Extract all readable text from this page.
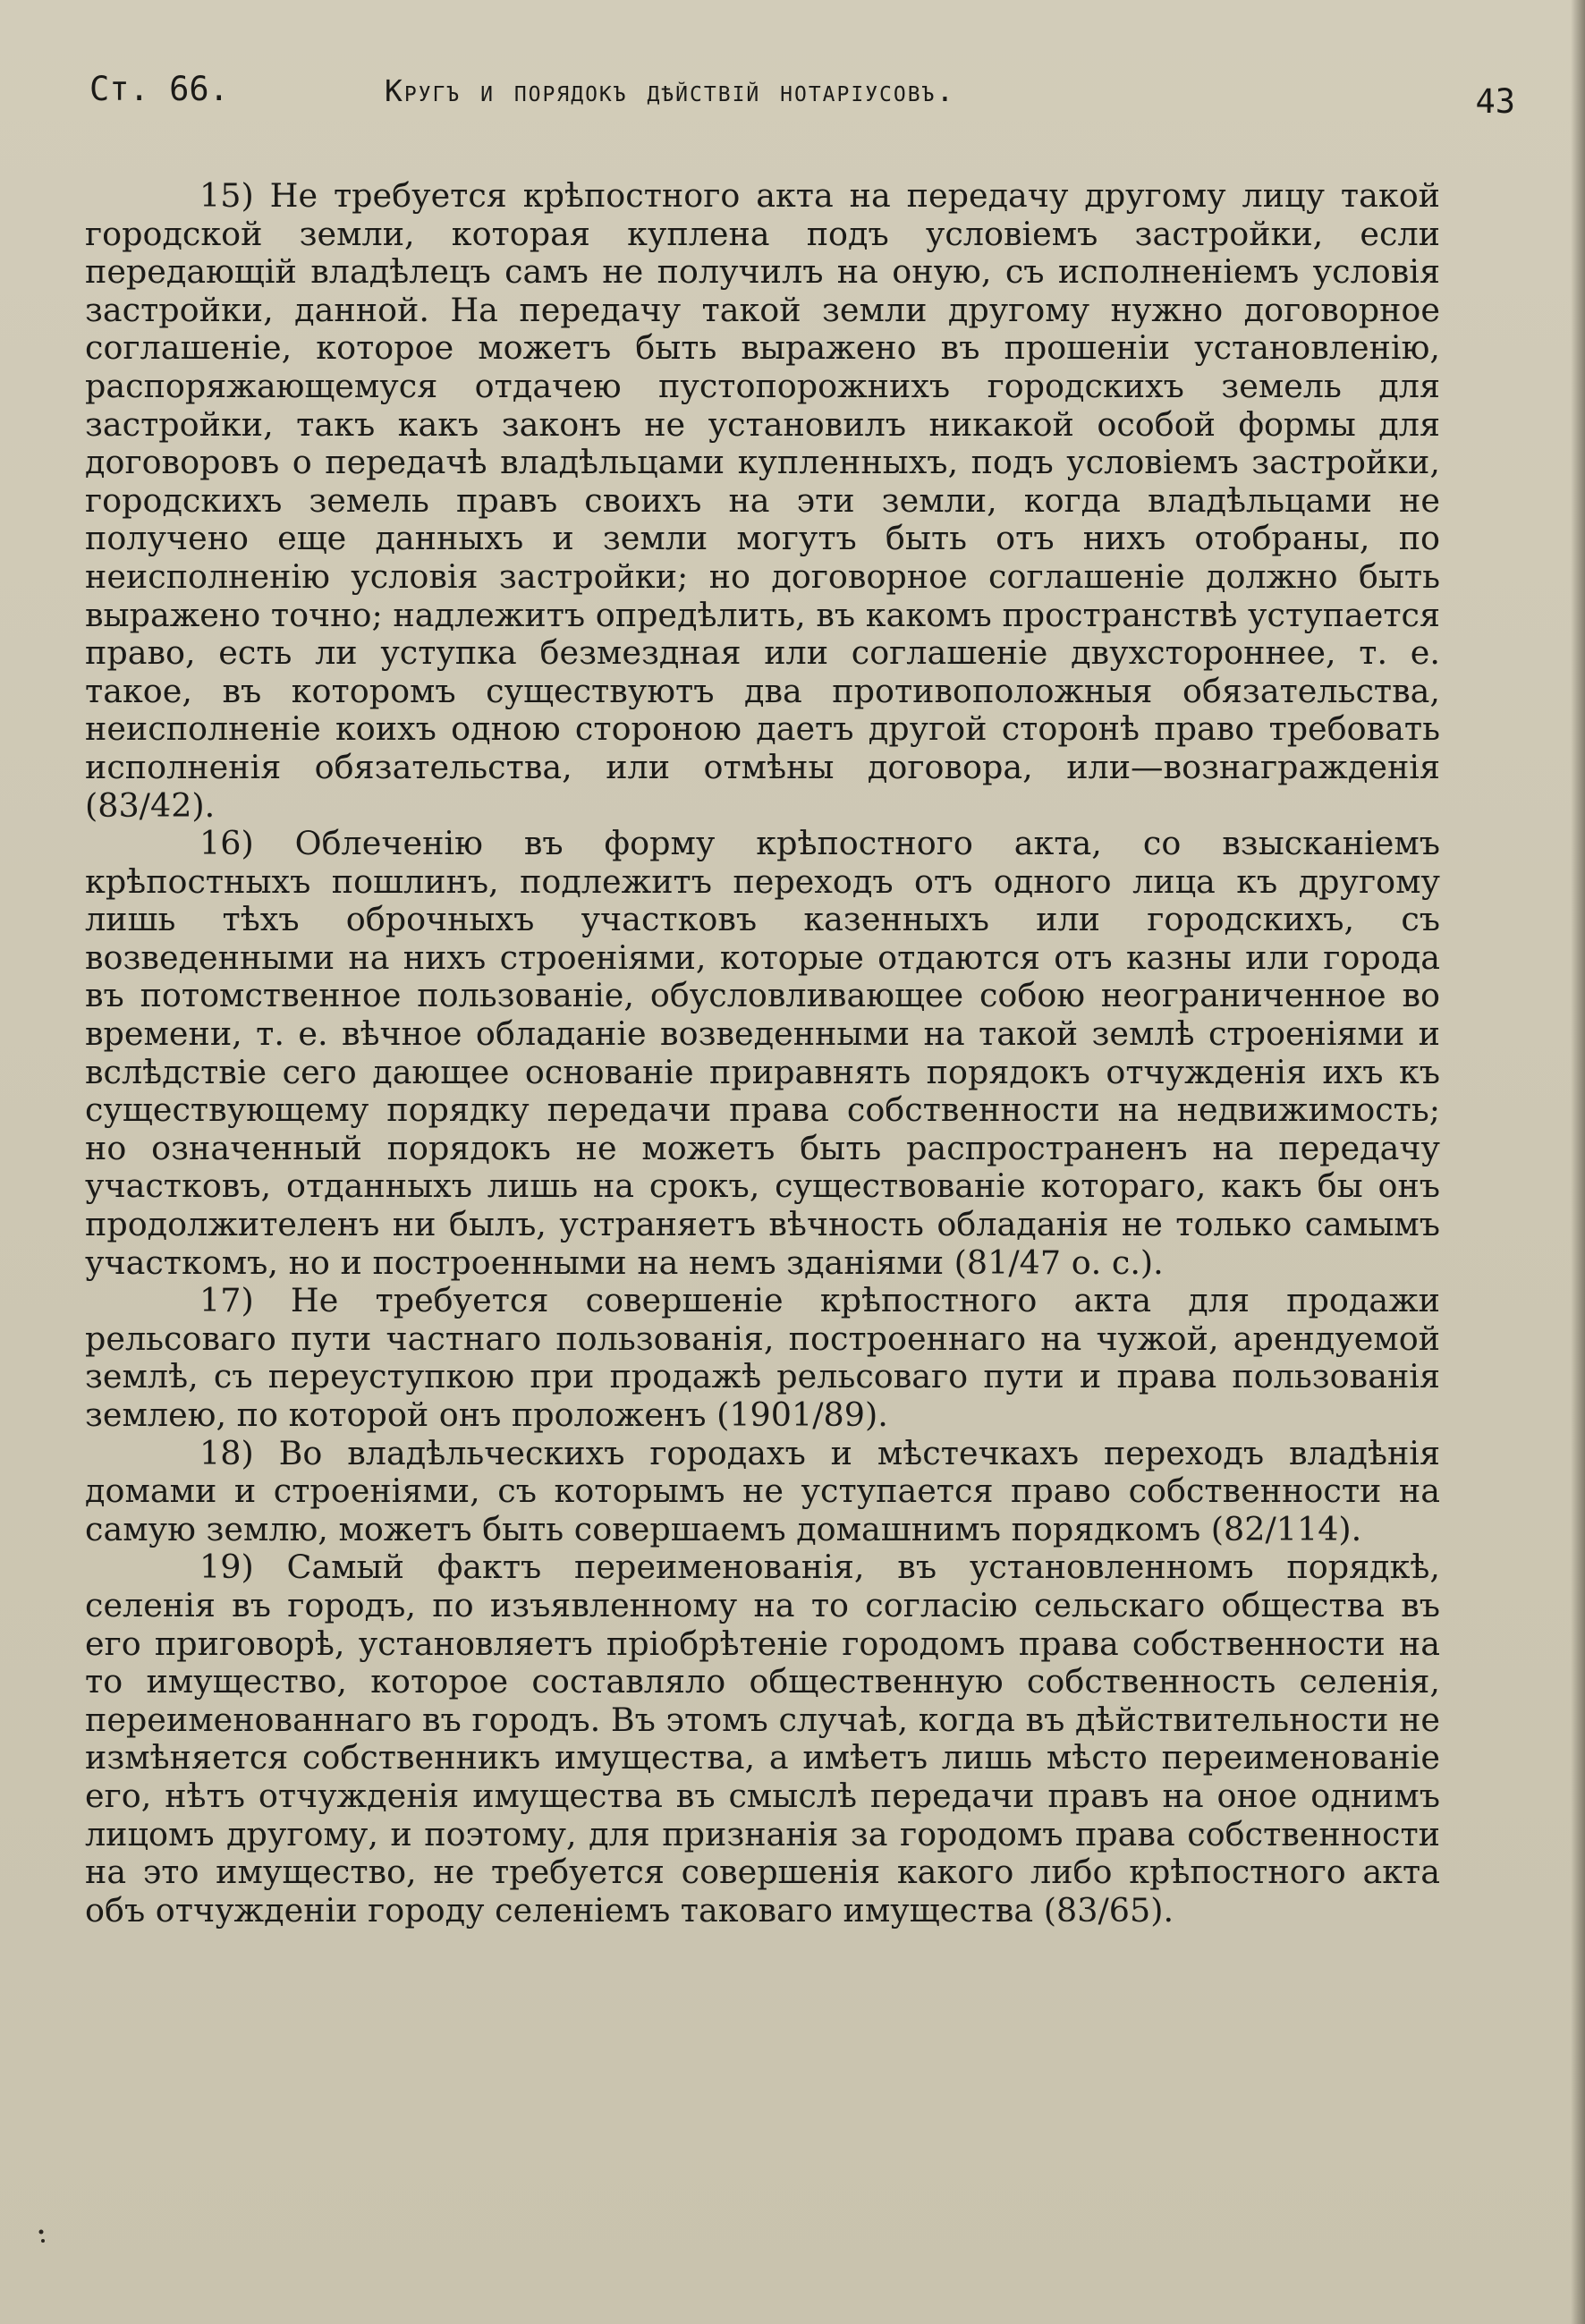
Ст. 66.	Кругъ и порядокъ дѣйствій нотаріусовъ.	43

15) Не требуется крѣпостного акта на передачу другому лицу такой городской земли, которая куплена подъ условіемъ застройки, если передающій владѣлецъ самъ не получилъ на оную, съ исполненіемъ условія застройки, данной. На передачу такой земли другому нужно договорное соглашеніе, которое можетъ быть выражено въ прошеніи установленію, распоряжающемуся отдачею пустопорожнихъ городскихъ земель для застройки, такъ какъ законъ не установилъ никакой особой формы для договоровъ о передачѣ владѣльцами купленныхъ, подъ условіемъ застройки, городскихъ земель правъ своихъ на эти земли, когда владѣльцами не получено еще данныхъ и земли могутъ быть отъ нихъ отобраны, по неисполненію условія застройки; но договорное соглашеніе должно быть выражено точно; надлежитъ опредѣлить, въ какомъ пространствѣ уступается право, есть ли уступка безмездная или соглашеніе двухстороннее, т. е. такое, въ которомъ существуютъ два противоположныя обязательства, неисполненіе коихъ одною стороною даетъ другой сторонѣ право требовать исполненія обязательства, или отмѣны договора, или—вознагражденія (83/42).

16) Облеченію въ форму крѣпостного акта, со взысканіемъ крѣпостныхъ пошлинъ, подлежитъ переходъ отъ одного лица къ другому лишь тѣхъ оброчныхъ участковъ казенныхъ или городскихъ, съ возведенными на нихъ строеніями, которые отдаются отъ казны или города въ потомственное пользованіе, обусловливающее собою неограниченное во времени, т. е. вѣчное обладаніе возведенными на такой землѣ строеніями и вслѣдствіе сего дающее основаніе приравнять порядокъ отчужденія ихъ къ существующему порядку передачи права собственности на недвижимость; но означенный порядокъ не можетъ быть распространенъ на передачу участковъ, отданныхъ лишь на срокъ, существованіе котораго, какъ бы онъ продолжителенъ ни былъ, устраняетъ вѣчность обладанія не только самымъ участкомъ, но и построенными на немъ зданіями (81/47 о. с.).

17) Не требуется совершеніе крѣпостного акта для продажи рельсоваго пути частнаго пользованія, построеннаго на чужой, арендуемой землѣ, съ переуступкою при продажѣ рельсоваго пути и права пользованія землею, по которой онъ проложенъ (1901/89).

18) Во владѣльческихъ городахъ и мѣстечкахъ переходъ владѣнія домами и строеніями, съ которымъ не уступается право собственности на самую землю, можетъ быть совершаемъ домашнимъ порядкомъ (82/114).

19) Самый фактъ переименованія, въ установленномъ порядкѣ, селенія въ городъ, по изъявленному на то согласію сельскаго общества въ его приговорѣ, установляетъ пріобрѣтеніе городомъ права собственности на то имущество, которое составляло общественную собственность селенія, переименованнаго въ городъ. Въ этомъ случаѣ, когда въ дѣйствительности не измѣняется собственникъ имущества, а имѣетъ лишь мѣсто переименованіе его, нѣтъ отчужденія имущества въ смыслѣ передачи правъ на оное однимъ лицомъ другому, и поэтому, для признанія за городомъ права собственности на это имущество, не требуется совершенія какого либо крѣпостного акта объ отчужденіи городу селеніемъ таковаго имущества (83/65).
